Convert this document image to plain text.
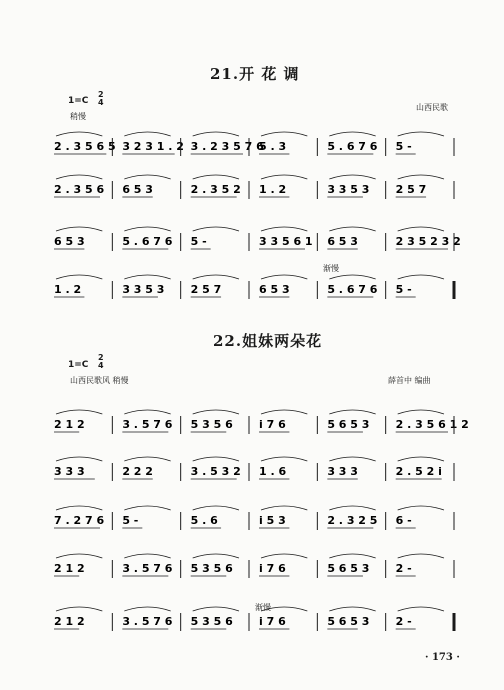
21.开 花 调
1=C
2
4
稍慢
山西民歌
渐慢
22.姐妹两朵花
1=C
2
4
山西民歌风 稍慢	薛首中 编曲
渐慢
· 173 ·
2 . 3 5 6 5 3 2 3 1 . 2 3 . 2 3 5 7 6
5 . 3	5 . 6 7 6 5 -
2 . 3 5 6 6 5 3	2 . 3 5 2 1 . 2	3 3 5 3 2 5 7
6 5 3	5 . 6 7 6 5 -	3 3 5 6 1 6 5 3	2 3 5 2 3 2
1 . 2	3 3 5 3 2 5 7	6 5 3	5 . 6 7 6 5 -
2 1 2	3 . 5 7 6 5 3 5 6 i 7 6	5 6 5 3 2 . 3 5 6 1 2
3 3 3	2 2 2	3 . 5 3 2 1 . 6	3 3 3	2 . 5 2 i
7 . 2 7 6 5 -	5 . 6	i 5 3	2 . 3 2 5 6 -
2 1 2	3 . 5 7 6 5 3 5 6 i 7 6	5 6 5 3 2 -
2 1 2	3 . 5 7 6 5 3 5 6 i 7 6	5 6 5 3 2 -
